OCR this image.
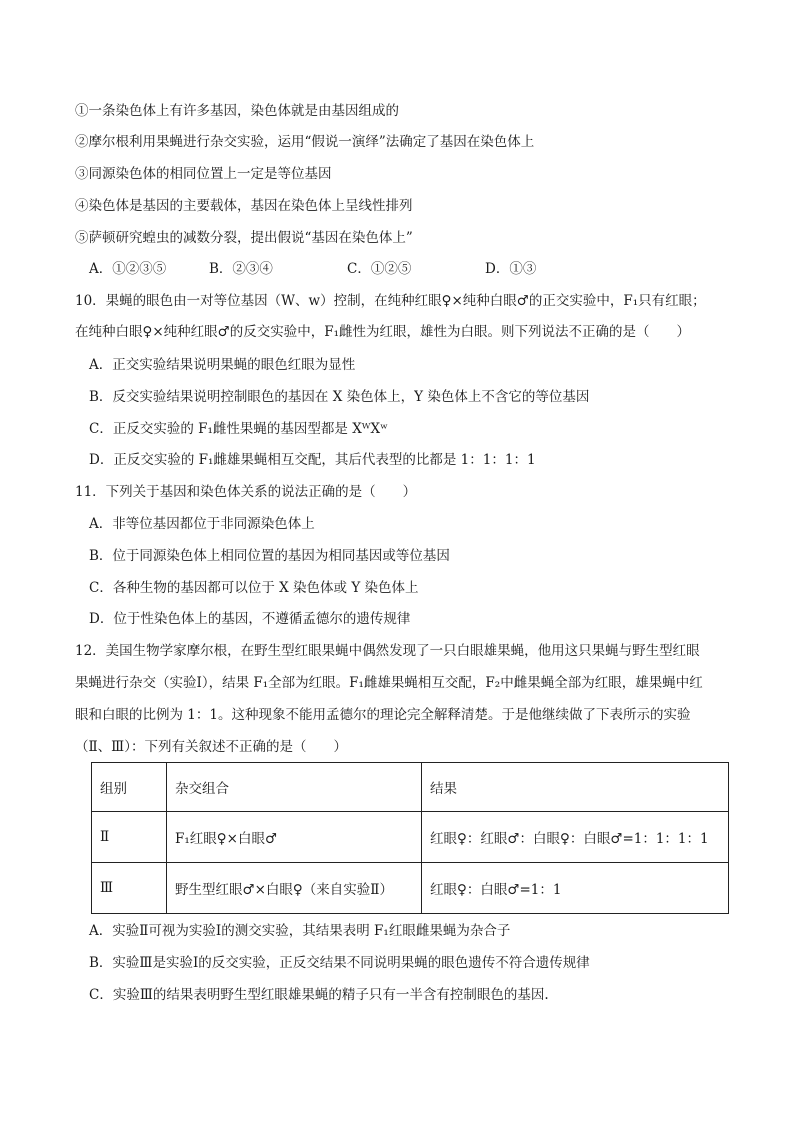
①一条染色体上有许多基因，染色体就是由基因组成的
②摩尔根利用果蝇进行杂交实验，运用“假说一演绎”法确定了基因在染色体上
③同源染色体的相同位置上一定是等位基因
④染色体是基因的主要载体，基因在染色体上呈线性排列
⑤萨顿研究蝗虫的减数分裂，提出假说“基因在染色体上”
A．①②③⑤	B．②③④	C．①②⑤	D．①③
10．果蝇的眼色由一对等位基因（W、w）控制，在纯种红眼♀×纯种白眼♂的正交实验中，F₁只有红眼；
在纯种白眼♀×纯种红眼♂的反交实验中，F₁雌性为红眼，雄性为白眼。则下列说法不正确的是（　　）
A．正交实验结果说明果蝇的眼色红眼为显性
B．反交实验结果说明控制眼色的基因在 X 染色体上，Y 染色体上不含它的等位基因
C．正反交实验的 F₁雌性果蝇的基因型都是 XᵂXʷ
D．正反交实验的 F₁雌雄果蝇相互交配，其后代表型的比都是 1：1：1：1
11．下列关于基因和染色体关系的说法正确的是（　　）
A．非等位基因都位于非同源染色体上
B．位于同源染色体上相同位置的基因为相同基因或等位基因
C．各种生物的基因都可以位于 X 染色体或 Y 染色体上
D．位于性染色体上的基因，不遵循孟德尔的遗传规律
12．美国生物学家摩尔根，在野生型红眼果蝇中偶然发现了一只白眼雄果蝇，他用这只果蝇与野生型红眼
果蝇进行杂交（实验Ⅰ），结果 F₁全部为红眼。F₁雌雄果蝇相互交配，F₂中雌果蝇全部为红眼，雄果蝇中红
眼和白眼的比例为 1：1。这种现象不能用孟德尔的理论完全解释清楚。于是他继续做了下表所示的实验
（Ⅱ、Ⅲ）：下列有关叙述不正确的是（　　）
组别	杂交组合	结果
Ⅱ	F₁红眼♀×白眼♂	红眼♀：红眼♂：白眼♀：白眼♂=1：1：1：1
Ⅲ	野生型红眼♂×白眼♀（来自实验Ⅱ）	红眼♀：白眼♂=1：1
A．实验Ⅱ可视为实验Ⅰ的测交实验，其结果表明 F₁红眼雌果蝇为杂合子
B．实验Ⅲ是实验Ⅰ的反交实验，正反交结果不同说明果蝇的眼色遗传不符合遗传规律
C．实验Ⅲ的结果表明野生型红眼雄果蝇的精子只有一半含有控制眼色的基因.
